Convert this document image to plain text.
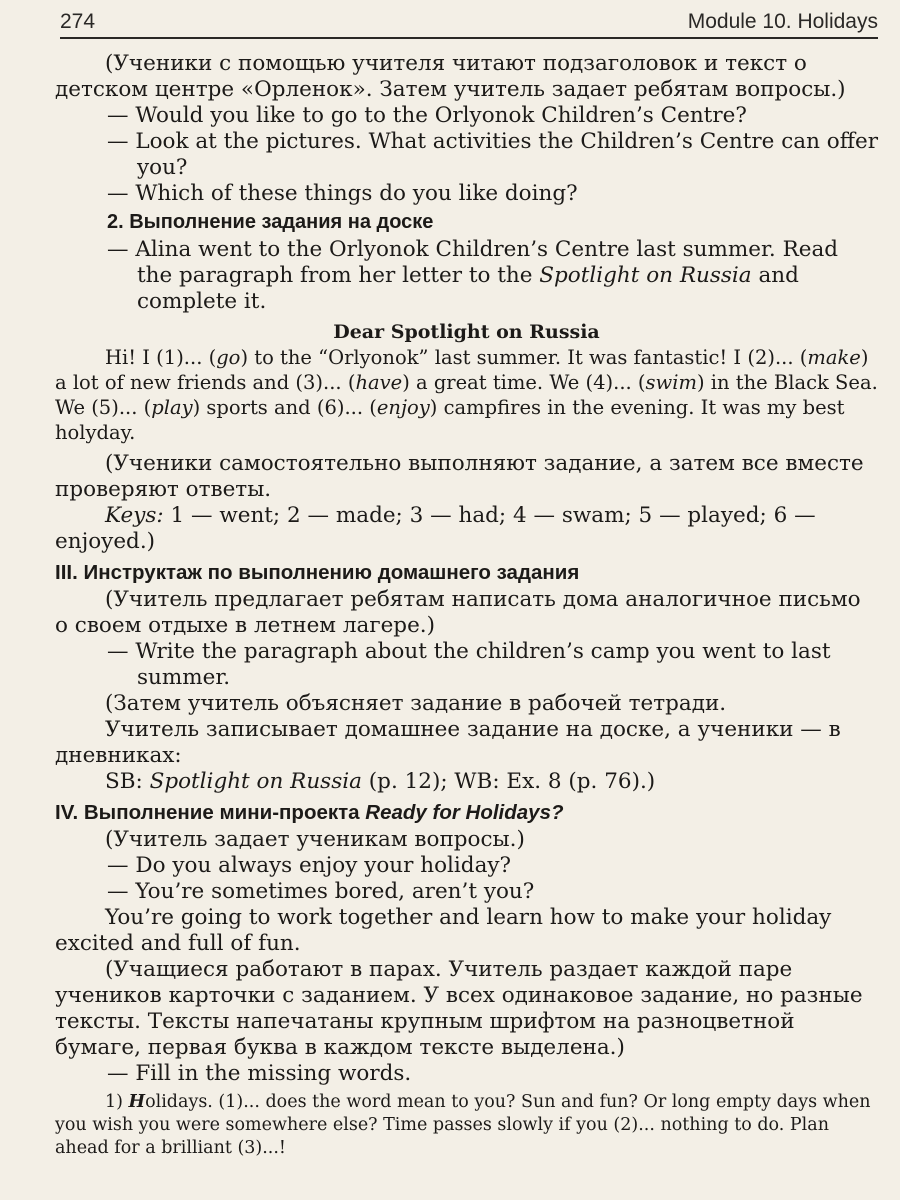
274	Module 10. Holidays

(Ученики с помощью учителя читают подзаголовок и текст о детском центре «Орленок». Затем учитель задает ребятам вопросы.)

— Would you like to go to the Orlyonok Children’s Centre?

— Look at the pictures. What activities the Children’s Centre can offer you?

— Which of these things do you like doing?

2. Выполнение задания на доске

— Alina went to the Orlyonok Children’s Centre last summer. Read the paragraph from her letter to the Spotlight on Russia and complete it.

Dear Spotlight on Russia

Hi! I (1)... (go) to the “Orlyonok” last summer. It was fantastic! I (2)... (make) a lot of new friends and (3)... (have) a great time. We (4)... (swim) in the Black Sea. We (5)... (play) sports and (6)... (enjoy) campfires in the evening. It was my best holyday.

(Ученики самостоятельно выполняют задание, а затем все вместе проверяют ответы.

Keys: 1 — went; 2 — made; 3 — had; 4 — swam; 5 — played; 6 — enjoyed.)

III. Инструктаж по выполнению домашнего задания

(Учитель предлагает ребятам написать дома аналогичное письмо о своем отдыхе в летнем лагере.)

— Write the paragraph about the children’s camp you went to last summer.

(Затем учитель объясняет задание в рабочей тетради.

Учитель записывает домашнее задание на доске, а ученики — в дневниках:

SB: Spotlight on Russia (p. 12); WB: Ex. 8 (p. 76).)

IV. Выполнение мини-проекта Ready for Holidays?

(Учитель задает ученикам вопросы.)

— Do you always enjoy your holiday?

— You’re sometimes bored, aren’t you?

You’re going to work together and learn how to make your holiday excited and full of fun.

(Учащиеся работают в парах. Учитель раздает каждой паре учеников карточки с заданием. У всех одинаковое задание, но разные тексты. Тексты напечатаны крупным шрифтом на разноцветной бумаге, первая буква в каждом тексте выделена.)

— Fill in the missing words.

1) Holidays. (1)... does the word mean to you? Sun and fun? Or long empty days when you wish you were somewhere else? Time passes slowly if you (2)... nothing to do. Plan ahead for a brilliant (3)...!
